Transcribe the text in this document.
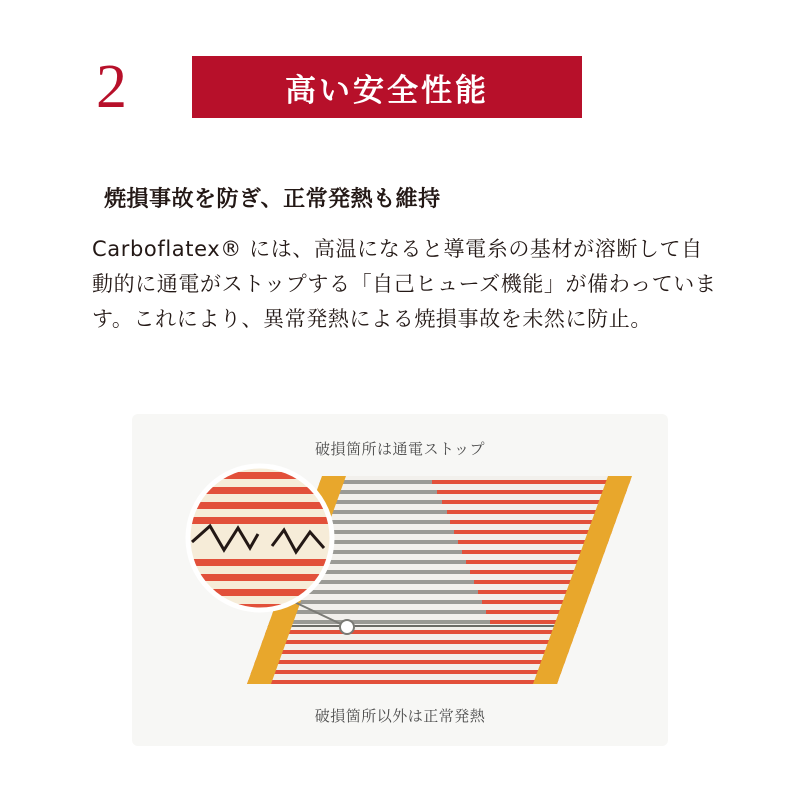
2	高い安全性能
焼損事故を防ぎ、正常発熱も維持
Carboflatex® には、高温になると導電糸の基材が溶断して自動的に通電がストップする「自己ヒューズ機能」が備わっています。これにより、異常発熱による焼損事故を未然に防止。
破損箇所は通電ストップ
破損箇所以外は正常発熱
